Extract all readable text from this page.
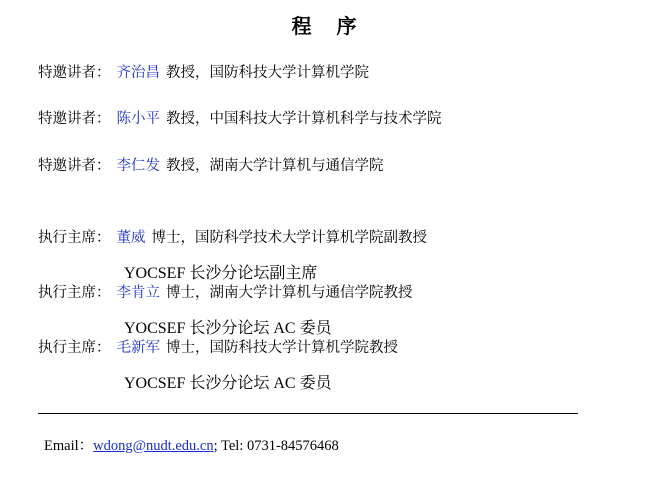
程 序
特邀讲者： 齐治昌 教授，国防科技大学计算机学院
特邀讲者： 陈小平 教授，中国科技大学计算机科学与技术学院
特邀讲者： 李仁发 教授，湖南大学计算机与通信学院
执行主席： 董威 博士，国防科学技术大学计算机学院副教授
YOCSEF 长沙分论坛副主席
执行主席： 李肯立 博士，湖南大学计算机与通信学院教授
YOCSEF 长沙分论坛 AC 委员
执行主席： 毛新军 博士，国防科技大学计算机学院教授
YOCSEF 长沙分论坛 AC 委员
Email：wdong@nudt.edu.cn; Tel: 0731-84576468
